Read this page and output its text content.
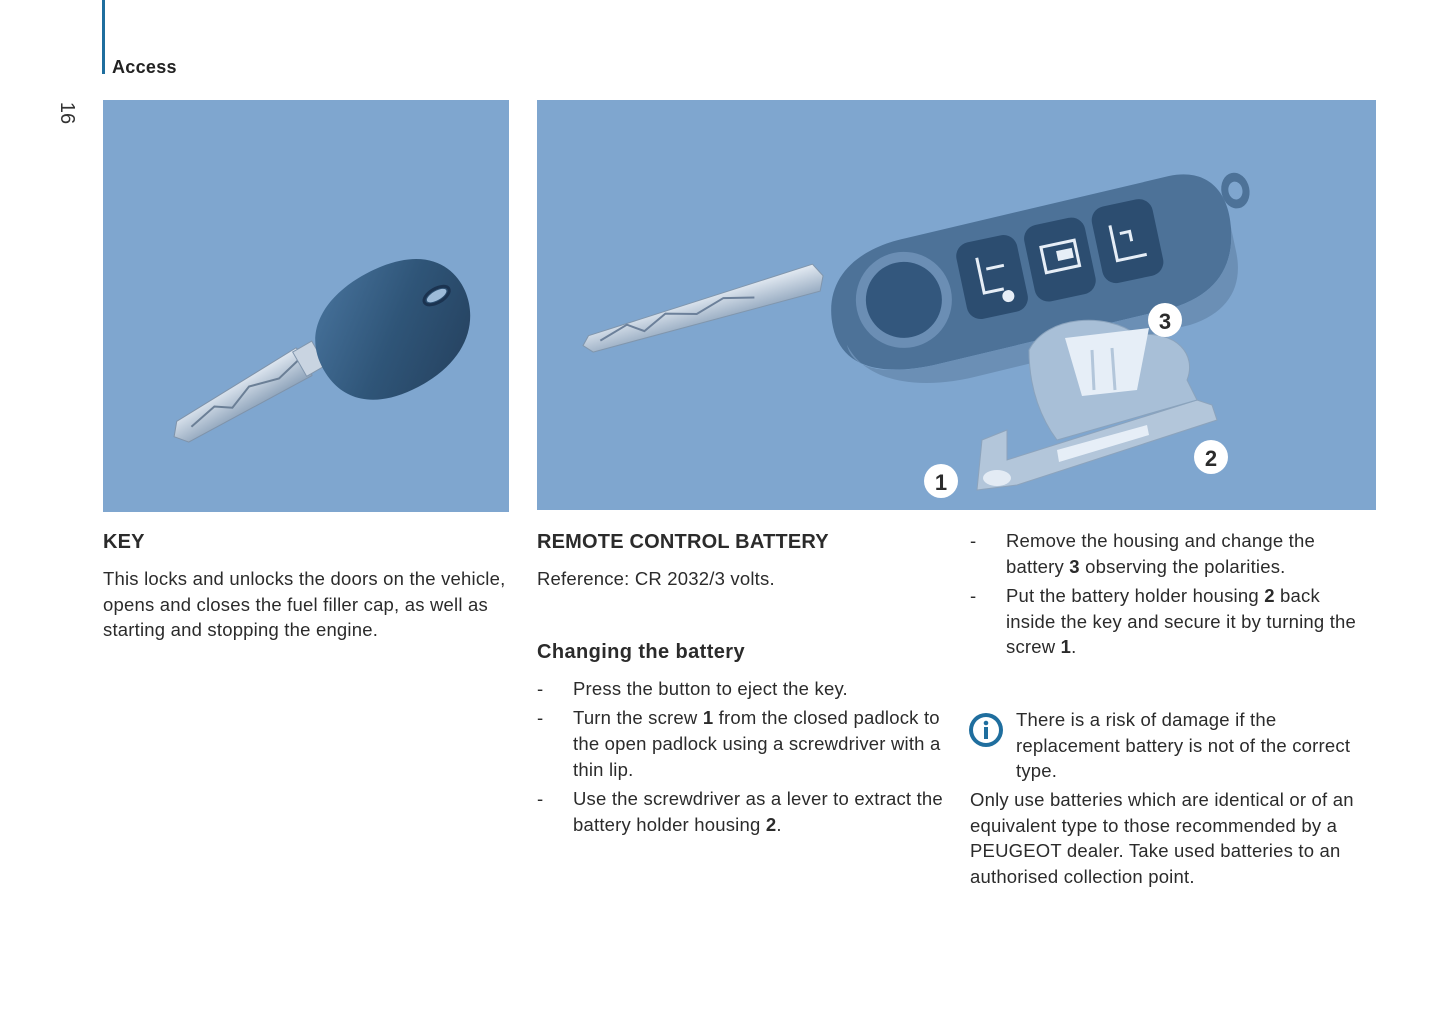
Access
16
1
2
3
KEY

This locks and unlocks the doors on the vehicle, opens and closes the fuel filler cap, as well as starting and stopping the engine.

REMOTE CONTROL BATTERY

Reference: CR 2032/3 volts.

Changing the battery
- Press the button to eject the key.
- Turn the screw 1 from the closed padlock to the open padlock using a screwdriver with a thin lip.
- Use the screwdriver as a lever to extract the battery holder housing 2.
- Remove the housing and change the battery 3 observing the polarities.
- Put the battery holder housing 2 back inside the key and secure it by turning the screw 1.

There is a risk of damage if the replacement battery is not of the correct type.

Only use batteries which are identical or of an equivalent type to those recommended by a PEUGEOT dealer. Take used batteries to an authorised collection point.
